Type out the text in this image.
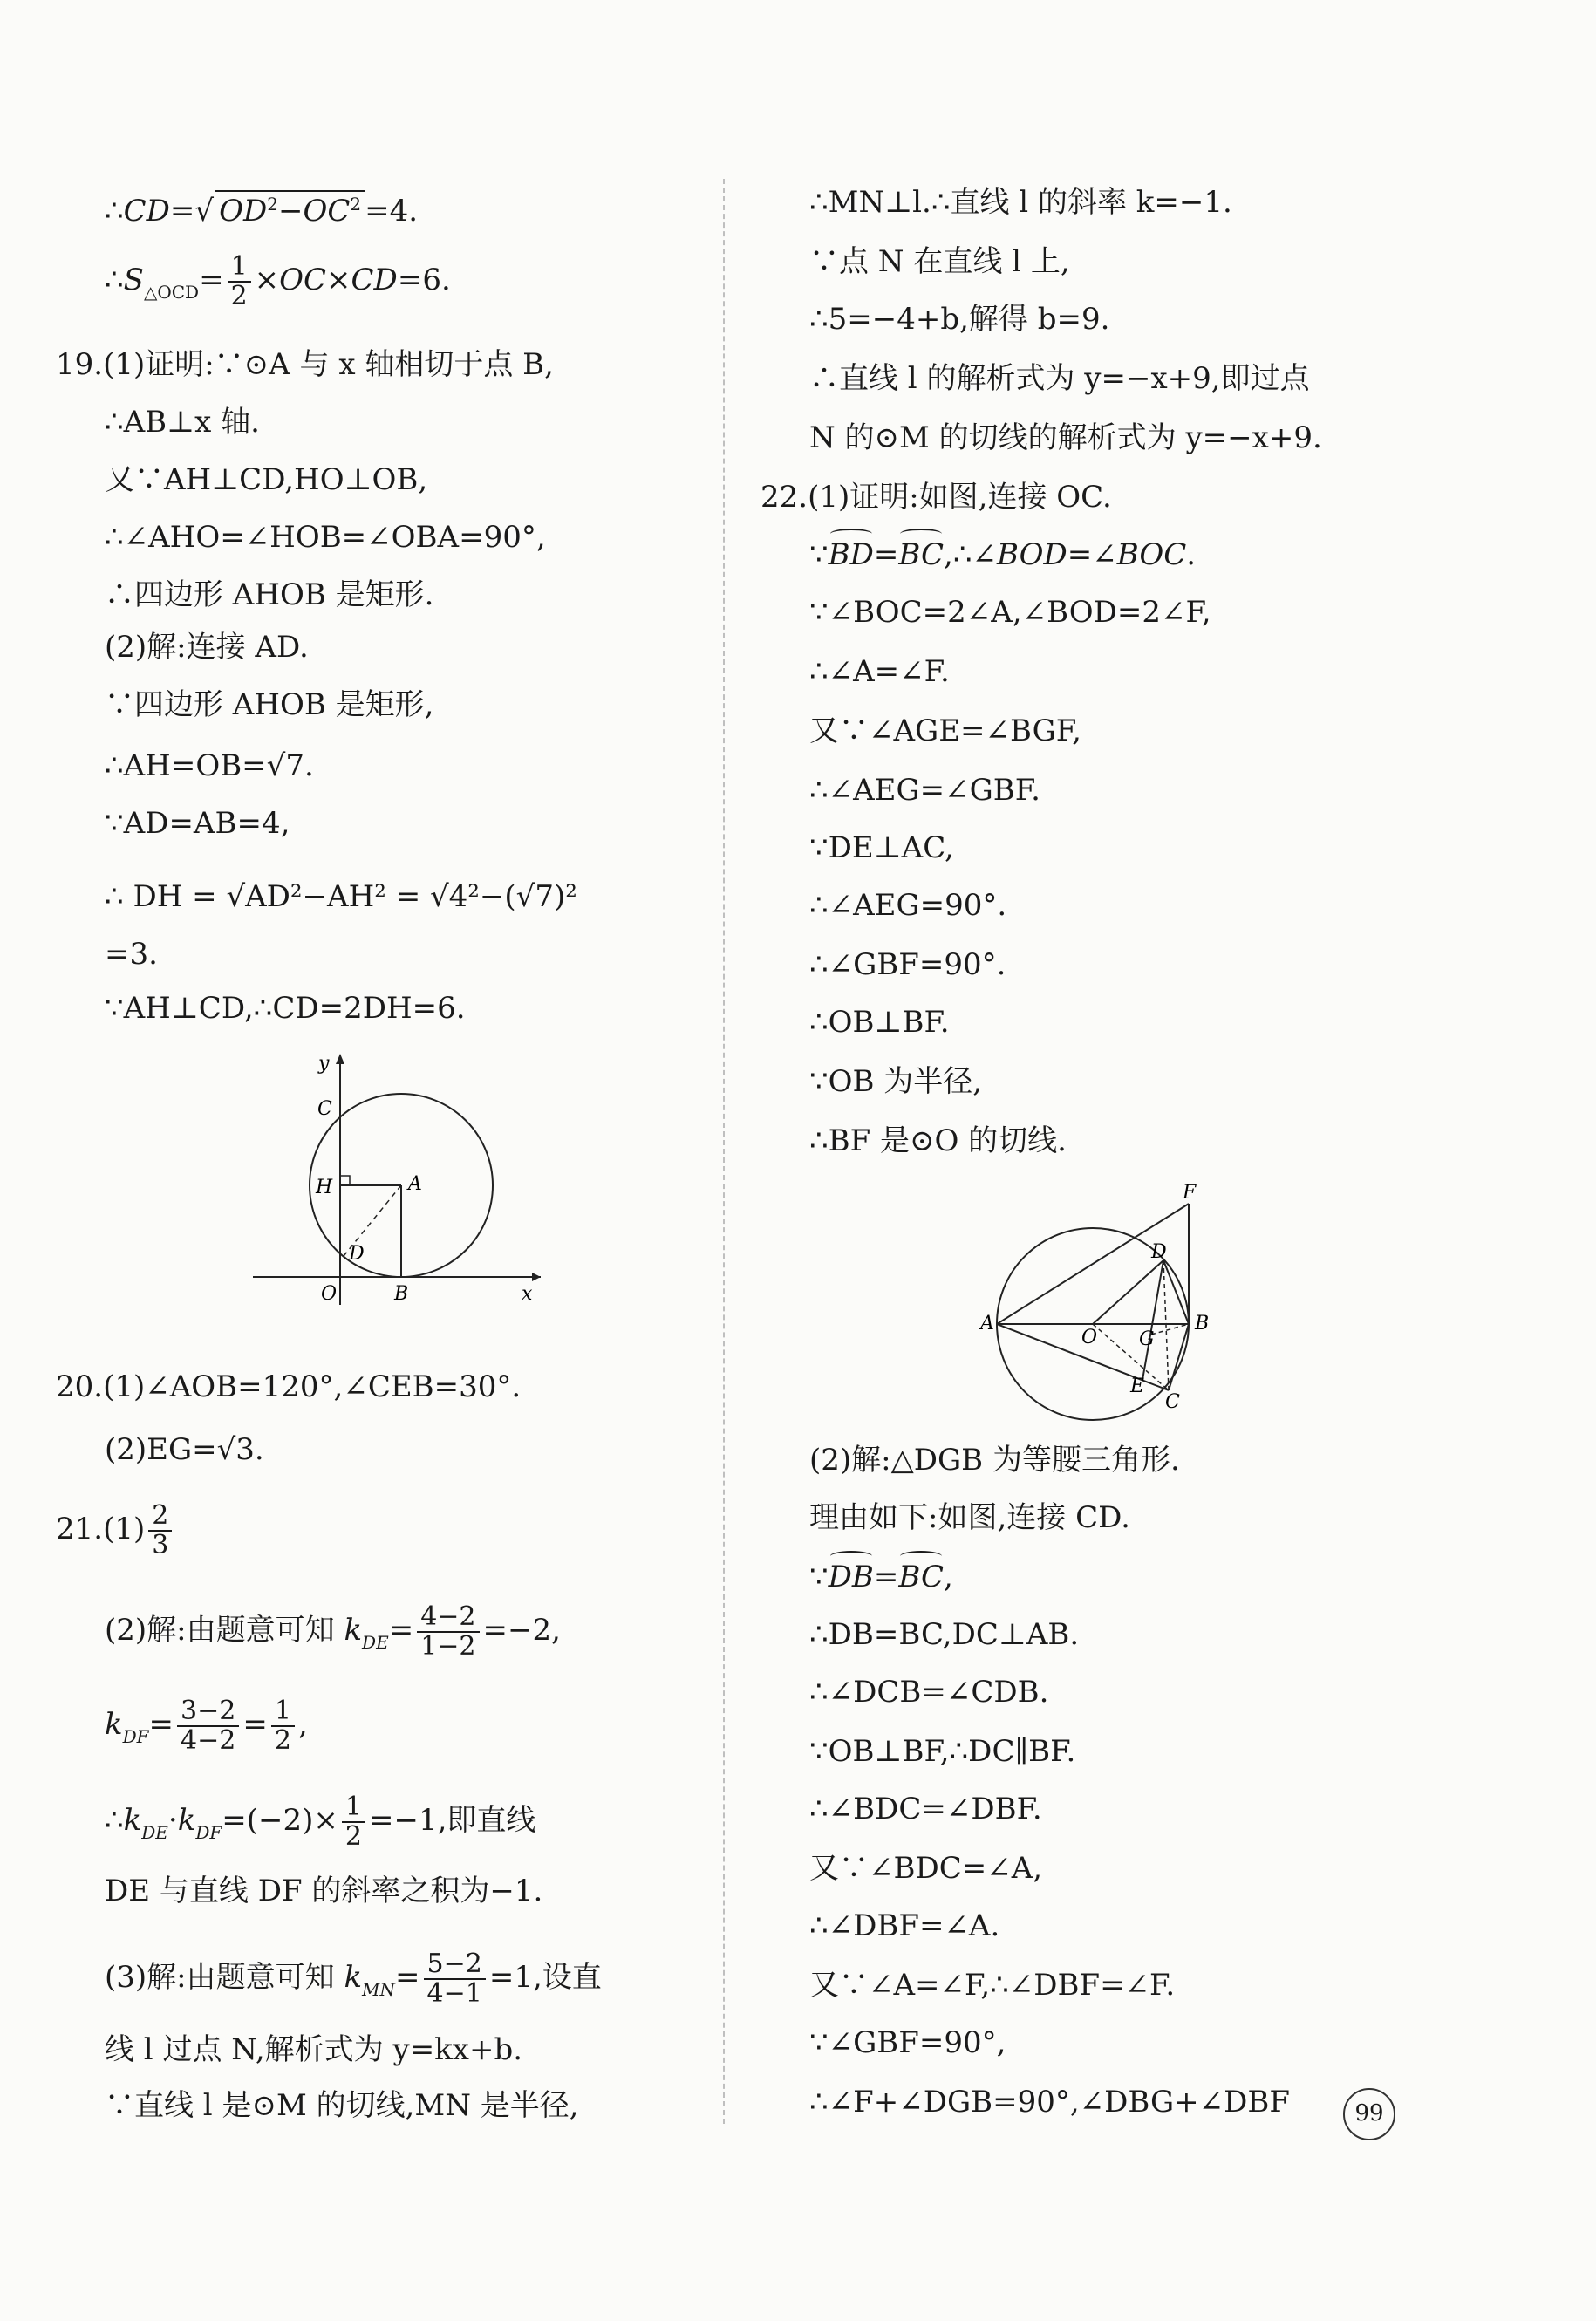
∴CD=√ $OD^2-OC^2 =4$.
$\therefore S_{\triangle OCD}= \frac{1}{2} \times OC\times CD=6$.
19.(1)证明:∵⊙A 与 x 轴相切于点 B,
∴AB⊥x 轴.
又∵AH⊥CD,HO⊥OB,
∴∠AHO=∠HOB=∠OBA=90°,
∴四边形 AHOB 是矩形.
(2)解:连接 AD.
∵四边形 AHOB 是矩形,
∴AH=OB=√7.
∵AD=AB=4,
∴ DH = √AD²−AH² = √4²−(√7)²
=3.
∵AH⊥CD,∴CD=2DH=6.
y
C
H	A
D
O	B	x
20.(1)∠AOB=120°,∠CEB=30°.
(2)EG=√3.
$21.(1) \frac{2}{3}$
(2)解:由题意可知 $k_{DE}= \frac{4-2}{1-2} =-2$,
$k_{DF}= \frac{3-2}{4-2} = \frac{1}{2}$ ,
$\therefore k_{DE}\cdot k_{DF}=(-2)\times \frac{1}{2} =-1$,即直线
DE 与直线 DF 的斜率之积为−1.
(3)解:由题意可知 $k_{MN}= \frac{5-2}{4-1} =1$,设直
线 l 过点 N,解析式为 y=kx+b.
∵直线 l 是⊙M 的切线,MN 是半径,
∴MN⊥l.∴直线 l 的斜率 k=−1.
∵点 N 在直线 l 上,
∴5=−4+b,解得 b=9.
∴直线 l 的解析式为 y=−x+9,即过点
N 的⊙M 的切线的解析式为 y=−x+9.
22.(1)证明:如图,连接 OC.
∵BD=BC,∴∠BOD=∠BOC.
∵∠BOC=2∠A,∠BOD=2∠F,
∴∠A=∠F.
又∵∠AGE=∠BGF,
∴∠AEG=∠GBF.
∵DE⊥AC,
∴∠AEG=90°.
∴∠GBF=90°.
∴OB⊥BF.
∵OB 为半径,
∴BF 是⊙O 的切线.
F
D
A
O G
B
E
C
(2)解:△DGB 为等腰三角形.
理由如下:如图,连接 CD.
∵DB=BC,
∴DB=BC,DC⊥AB.
∴∠DCB=∠CDB.
∵OB⊥BF,∴DC∥BF.
∴∠BDC=∠DBF.
又∵∠BDC=∠A,
∴∠DBF=∠A.
又∵∠A=∠F,∴∠DBF=∠F.
∵∠GBF=90°,
∴∠F+∠DGB=90°,∠DBG+∠DBF	99
